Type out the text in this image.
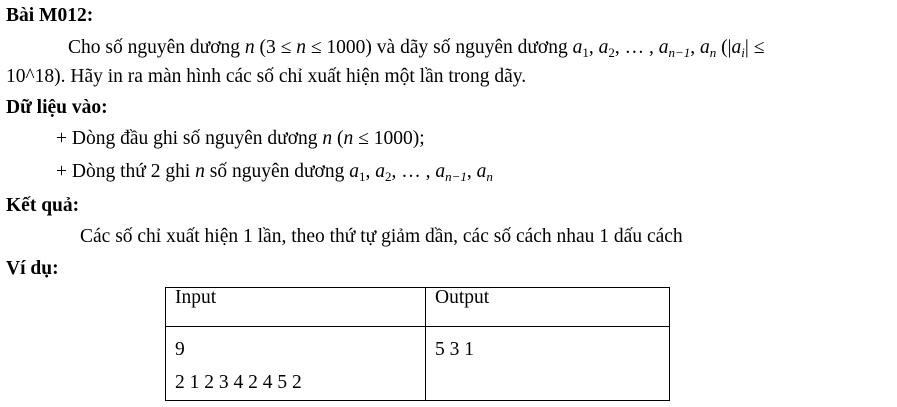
Bài M012:
Cho số nguyên dương n (3 ≤ n ≤ 1000) và dãy số nguyên dương $a_1$, $a_2$, … , $a_{n-1}$, $a_n$ ($|a_i|$ ≤
10^18). Hãy in ra màn hình các số chỉ xuất hiện một lần trong dãy.
Dữ liệu vào:
+ Dòng đầu ghi số nguyên dương n (n ≤ 1000);
+ Dòng thứ 2 ghi n số nguyên dương $a_1$, $a_2$, … , $a_{n-1}$, $a_n$
Kết quả:
Các số chỉ xuất hiện 1 lần, theo thứ tự giảm dần, các số cách nhau 1 dấu cách
Ví dụ:
Input	Output

9
2 1 2 3 4 2 4 5 2	5 3 1
